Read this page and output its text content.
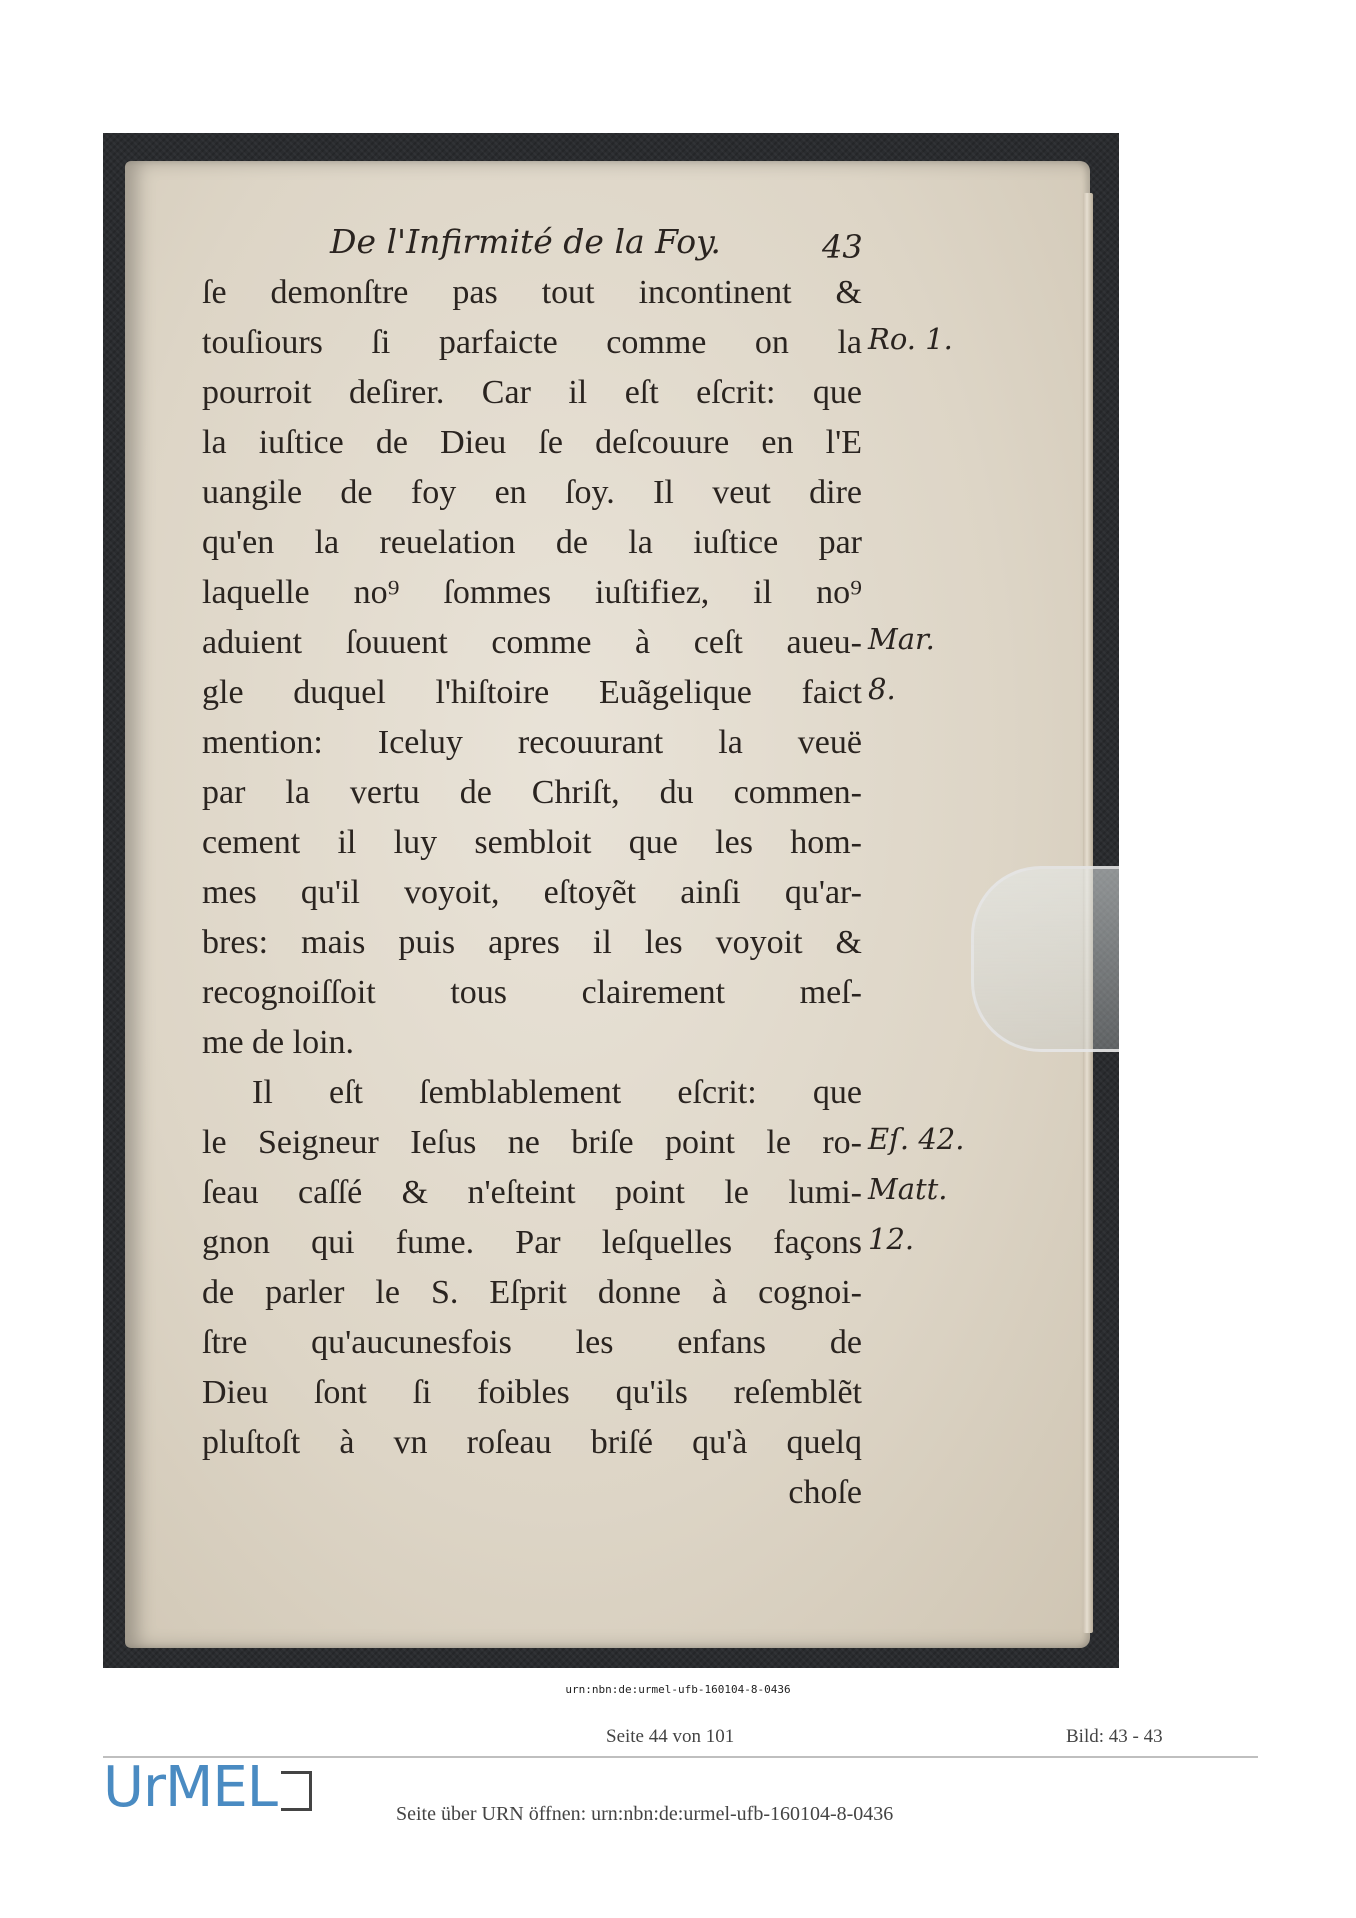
De l'Infirmité de la Foy.	43
ſe demonſtre pas tout incontinent &
touſiours ſi parfaicte comme on la
pourroit deſirer. Car il eſt eſcrit: que
la iuſtice de Dieu ſe deſcouure en l'E
uangile de foy en ſoy. Il veut dire
qu'en la reuelation de la iuſtice par
laquelle no⁹ ſommes iuſtifiez, il no⁹
aduient ſouuent comme à ceſt aueu-
gle duquel l'hiſtoire Euãgelique faict
mention: Iceluy recouurant la veuë
par la vertu de Chriſt, du commen-
cement il luy sembloit que les hom-
mes qu'il voyoit, eſtoyẽt ainſi qu'ar-
bres: mais puis apres il les voyoit &
recognoiſſoit tous clairement meſ-
me de loin.
Il eſt ſemblablement eſcrit: que
le Seigneur Ieſus ne briſe point le ro-
ſeau caſſé & n'eſteint point le lumi-
gnon qui fume. Par leſquelles façons
de parler le S. Eſprit donne à cognoi-
ſtre qu'aucunesfois les enfans de
Dieu ſont ſi foibles qu'ils reſemblẽt
pluſtoſt à vn roſeau briſé qu'à quelq
choſe
Ro. 1.
Mar.
8.
Eſ. 42.
Matt.
12.
urn:nbn:de:urmel-ufb-160104-8-0436
Seite 44 von 101	Bild: 43 - 43
UrMEL	Seite über URN öffnen: urn:nbn:de:urmel-ufb-160104-8-0436
